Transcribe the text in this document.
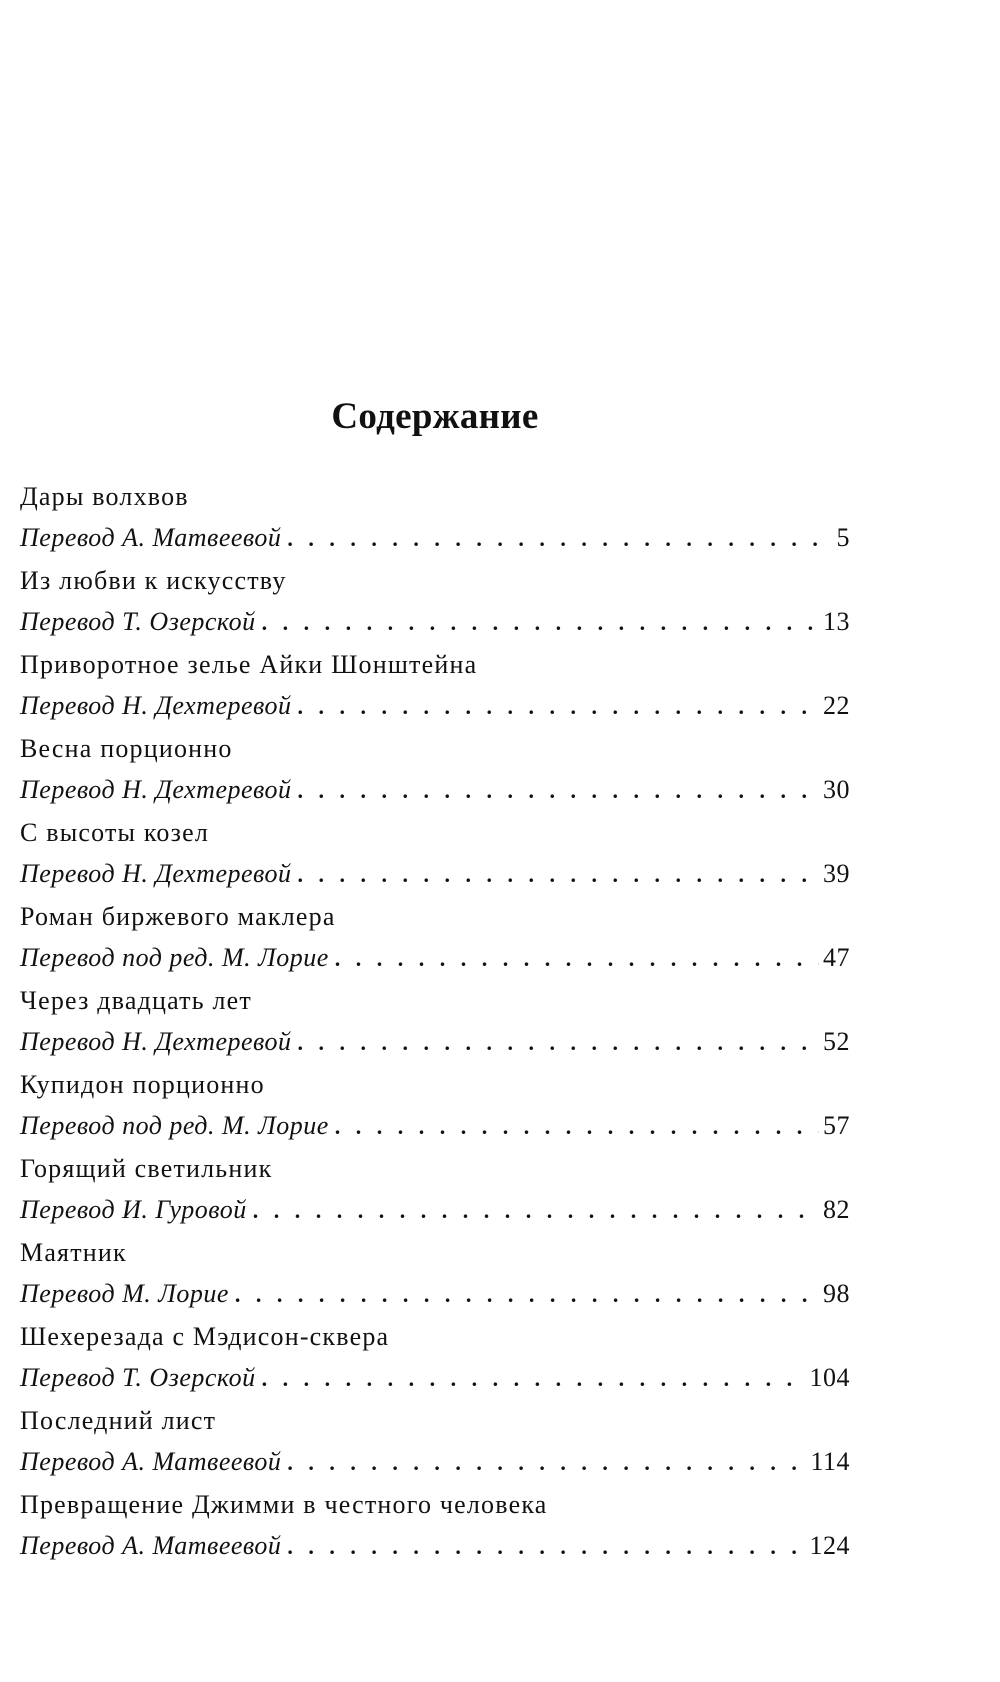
Содержание
Дары волхвов
Перевод А. Матвеевой . . .	5
Из любви к искусству
Перевод Т. Озерской . . .	13
Приворотное зелье Айки Шонштейна
Перевод Н. Дехтеревой . . .	22
Весна порционно
Перевод Н. Дехтеревой . . .	30
С высоты козел
Перевод Н. Дехтеревой . . .	39
Роман биржевого маклера
Перевод под ред. М. Лорие . . .	47
Через двадцать лет
Перевод Н. Дехтеревой . . .	52
Купидон порционно
Перевод под ред. М. Лорие . . .	57
Горящий светильник
Перевод И. Гуровой . . .	82
Маятник
Перевод М. Лорие . . .	98
Шехерезада с Мэдисон-сквера
Перевод Т. Озерской . . .	104
Последний лист
Перевод А. Матвеевой . . .	114
Превращение Джимми в честного человека
Перевод А. Матвеевой . . .	124
